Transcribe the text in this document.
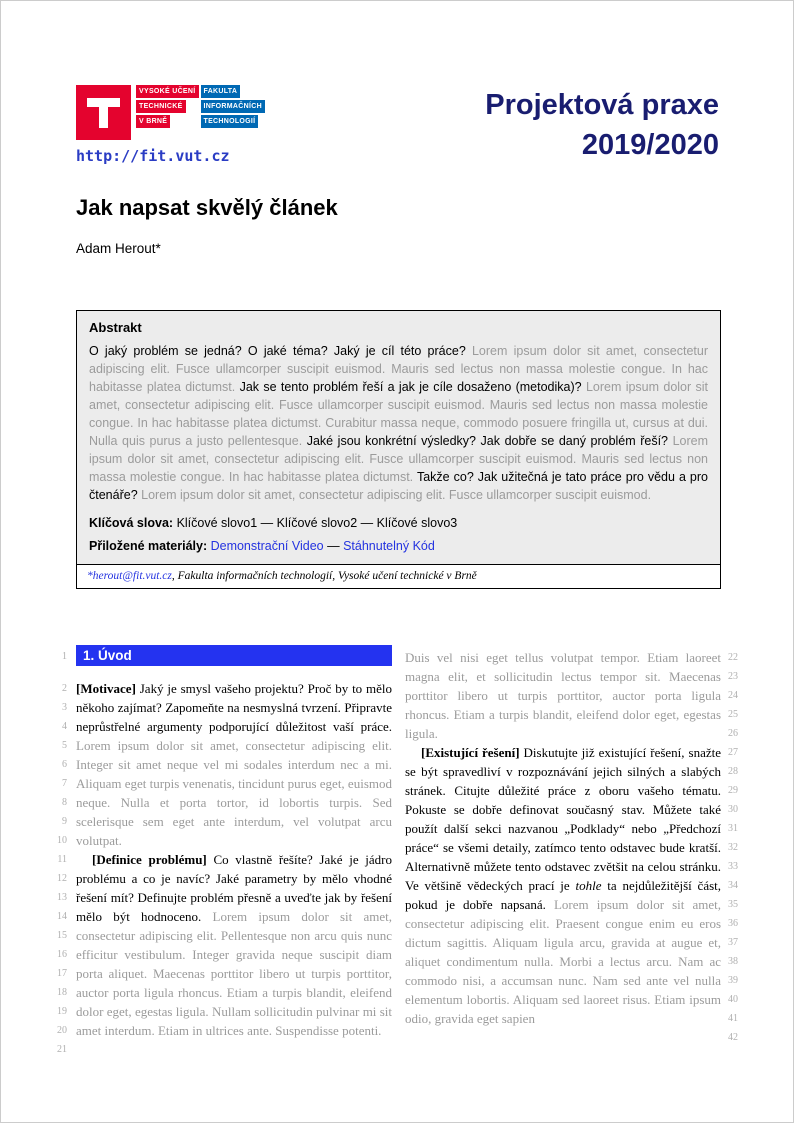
VYSOKÉ UČENÍ	FAKULTA
TECHNICKÉ	INFORMAČNÍCH
V BRNĚ	TECHNOLOGIÍ
http://fit.vut.cz
Projektová praxe
2019/2020
Jak napsat skvělý článek
Adam Herout*
Abstrakt

O jaký problém se jedná? O jaké téma? Jaký je cíl této práce? Lorem ipsum dolor sit amet, consectetur adipiscing elit. Fusce ullamcorper suscipit euismod. Mauris sed lectus non massa molestie congue. In hac habitasse platea dictumst. Jak se tento problém řeší a jak je cíle dosaženo (metodika)? Lorem ipsum dolor sit amet, consectetur adipiscing elit. Fusce ullamcorper suscipit euismod. Mauris sed lectus non massa molestie congue. In hac habitasse platea dictumst. Curabitur massa neque, commodo posuere fringilla ut, cursus at dui. Nulla quis purus a justo pellentesque. Jaké jsou konkrétní výsledky? Jak dobře se daný problém řeší? Lorem ipsum dolor sit amet, consectetur adipiscing elit. Fusce ullamcorper suscipit euismod. Mauris sed lectus non massa molestie congue. In hac habitasse platea dictumst. Takže co? Jak užitečná je tato práce pro vědu a pro čtenáře? Lorem ipsum dolor sit amet, consectetur adipiscing elit. Fusce ullamcorper suscipit euismod.

Klíčová slova: Klíčové slovo1 — Klíčové slovo2 — Klíčové slovo3
Přiložené materiály: Demonstrační Video — Stáhnutelný Kód
*herout@fit.vut.cz, Fakulta informačních technologií, Vysoké učení technické v Brně
1. Úvod
1
2
3
4
5
6
7
8
9
10
11
12
13
14
15
16
17
18
19
20
21
22
23
24
25
26
27
28
29
30
31
32
33
34
35
36
37
38
39
40
41
42

[Motivace] Jaký je smysl vašeho projektu? Proč by to mělo někoho zajímat? Zapomeňte na nesmyslná tvrzení. Připravte neprůstřelné argumenty podporující důležitost vaší práce. Lorem ipsum dolor sit amet, consectetur adipiscing elit. Integer sit amet neque vel mi sodales interdum nec a mi. Aliquam eget turpis venenatis, tincidunt purus eget, euismod neque. Nulla et porta tortor, id lobortis turpis. Sed scelerisque sem eget ante interdum, vel volutpat arcu volutpat.

[Definice problému] Co vlastně řešíte? Jaké je jádro problému a co je navíc? Jaké parametry by mělo vhodné řešení mít? Definujte problém přesně a uveďte jak by řešení mělo být hodnoceno. Lorem ipsum dolor sit amet, consectetur adipiscing elit. Pellentesque non arcu quis nunc efficitur vestibulum. Integer gravida neque suscipit diam porta aliquet. Maecenas porttitor libero ut turpis porttitor, auctor porta ligula rhoncus. Etiam a turpis blandit, eleifend dolor eget, egestas ligula. Nullam sollicitudin pulvinar mi sit amet interdum. Etiam in ultrices ante. Suspendisse potenti.

Duis vel nisi eget tellus volutpat tempor. Etiam laoreet magna elit, et sollicitudin lectus tempor sit. Maecenas porttitor libero ut turpis porttitor, auctor porta ligula rhoncus. Etiam a turpis blandit, eleifend dolor eget, egestas ligula.

[Existující řešení] Diskutujte již existující řešení, snažte se být spravedliví v rozpoznávání jejich silných a slabých stránek. Citujte důležité práce z oboru vašeho tématu. Pokuste se dobře definovat současný stav. Můžete také použít další sekci nazvanou „Podklady“ nebo „Předchozí práce“ se všemi detaily, zatímco tento odstavec bude kratší. Alternativně můžete tento odstavec zvětšit na celou stránku. Ve většině vědeckých prací je tohle ta nejdůležitější část, pokud je dobře napsaná. Lorem ipsum dolor sit amet, consectetur adipiscing elit. Praesent congue enim eu eros dictum sagittis. Aliquam ligula arcu, gravida at augue et, aliquet condimentum nulla. Morbi a lectus arcu. Nam ac commodo nisi, a accumsan nunc. Nam sed ante vel nulla elementum lobortis. Aliquam sed laoreet risus. Etiam ipsum odio, gravida eget sapien
